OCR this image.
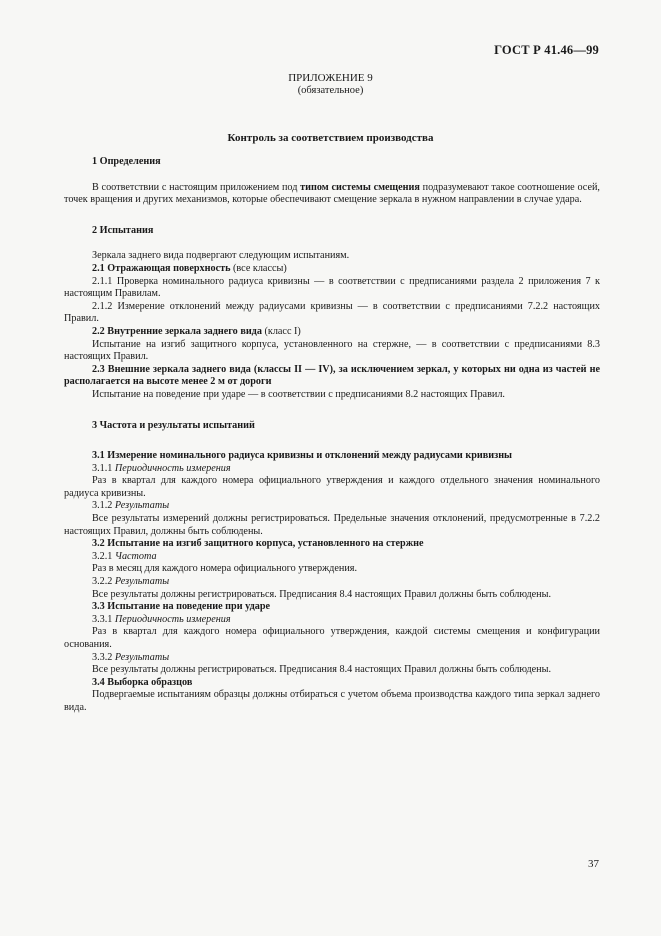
ГОСТ Р 41.46—99
ПРИЛОЖЕНИЕ 9
(обязательное)
Контроль за соответствием производства

1 Определения

В соответствии с настоящим приложением под типом системы смещения подразумевают такое соотношение осей, точек вращения и других механизмов, которые обеспечивают смещение зеркала в нужном направлении в случае удара.

2 Испытания

Зеркала заднего вида подвергают следующим испытаниям.

2.1 Отражающая поверхность (все классы)

2.1.1 Проверка номинального радиуса кривизны — в соответствии с предписаниями раздела 2 приложения 7 к настоящим Правилам.

2.1.2 Измерение отклонений между радиусами кривизны — в соответствии с предписаниями 7.2.2 настоящих Правил.

2.2 Внутренние зеркала заднего вида (класс I)

Испытание на изгиб защитного корпуса, установленного на стержне, — в соответствии с предписаниями 8.3 настоящих Правил.

2.3 Внешние зеркала заднего вида (классы II — IV), за исключением зеркал, у которых ни одна из частей не располагается на высоте менее 2 м от дороги

Испытание на поведение при ударе — в соответствии с предписаниями 8.2 настоящих Правил.

3 Частота и результаты испытаний

3.1 Измерение номинального радиуса кривизны и отклонений между радиусами кривизны

3.1.1 Периодичность измерения

Раз в квартал для каждого номера официального утверждения и каждого отдельного значения номинального радиуса кривизны.

3.1.2 Результаты

Все результаты измерений должны регистрироваться. Предельные значения отклонений, предусмотренные в 7.2.2 настоящих Правил, должны быть соблюдены.

3.2 Испытание на изгиб защитного корпуса, установленного на стержне

3.2.1 Частота

Раз в месяц для каждого номера официального утверждения.

3.2.2 Результаты

Все результаты должны регистрироваться. Предписания 8.4 настоящих Правил должны быть соблюдены.

3.3 Испытание на поведение при ударе

3.3.1 Периодичность измерения

Раз в квартал для каждого номера официального утверждения, каждой системы смещения и конфигурации основания.

3.3.2 Результаты

Все результаты должны регистрироваться. Предписания 8.4 настоящих Правил должны быть соблюдены.

3.4 Выборка образцов

Подвергаемые испытаниям образцы должны отбираться с учетом объема производства каждого типа зеркал заднего вида.

37
